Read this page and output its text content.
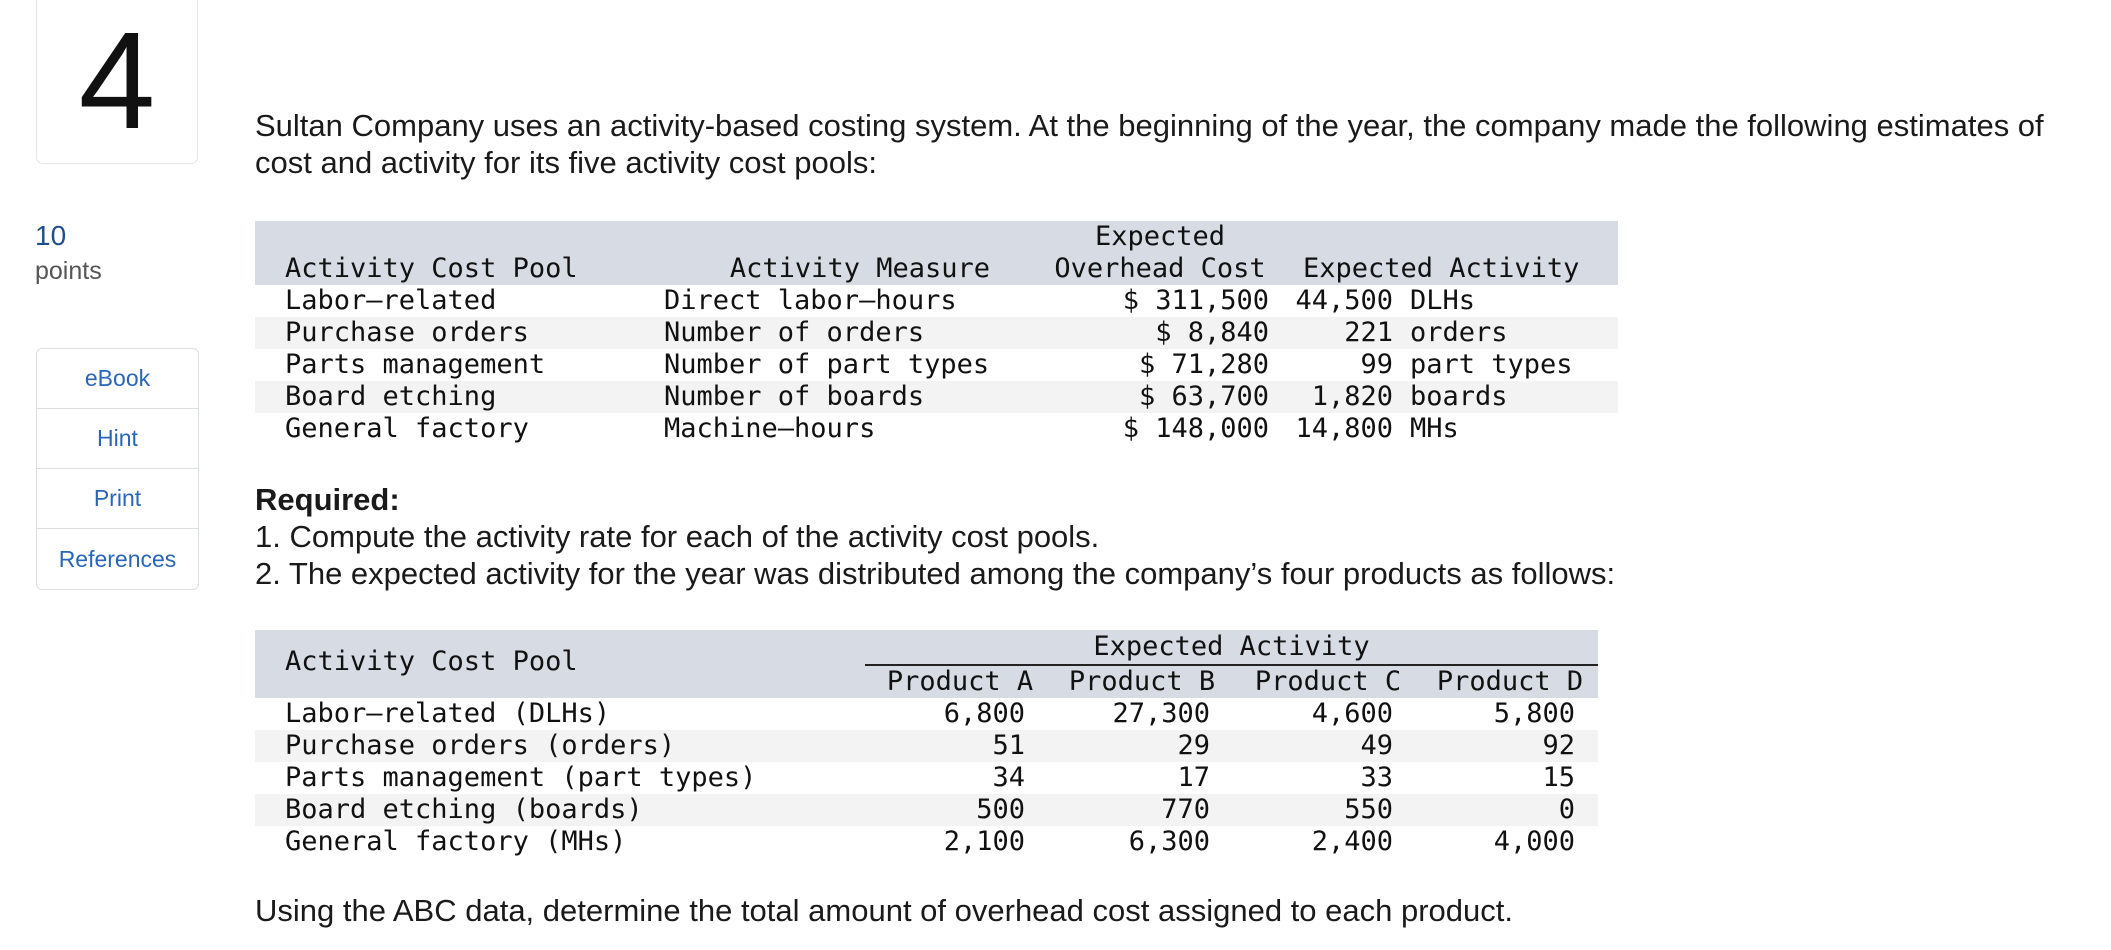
4
10
points
eBook
Hint
Print
References
Sultan Company uses an activity-based costing system. At the beginning of the year, the company made the following estimates of cost and activity for its five activity cost pools:
Activity Cost Pool	Activity Measure
Expected
Overhead Cost	Expected Activity
Labor–related	Direct labor–hours	$ 311,500 44,500 DLHs
Purchase orders	Number of orders	$ 8,840	221 orders
Parts management	Number of part types	$ 71,280	99 part types
Board etching	Number of boards	$ 63,700	1,820 boards
General factory	Machine–hours	$ 148,000 14,800 MHs
Required:
1. Compute the activity rate for each of the activity cost pools.
2. The expected activity for the year was distributed among the company’s four products as follows:
Activity Cost Pool	Expected Activity
Product A Product B Product C Product D
Labor–related (DLHs)	6,800	27,300	4,600	5,800
Purchase orders (orders)	51	29	49	92
Parts management (part types)	34	17	33	15
Board etching (boards)	500	770	550	0
General factory (MHs)	2,100	6,300	2,400	4,000
Using the ABC data, determine the total amount of overhead cost assigned to each product.
